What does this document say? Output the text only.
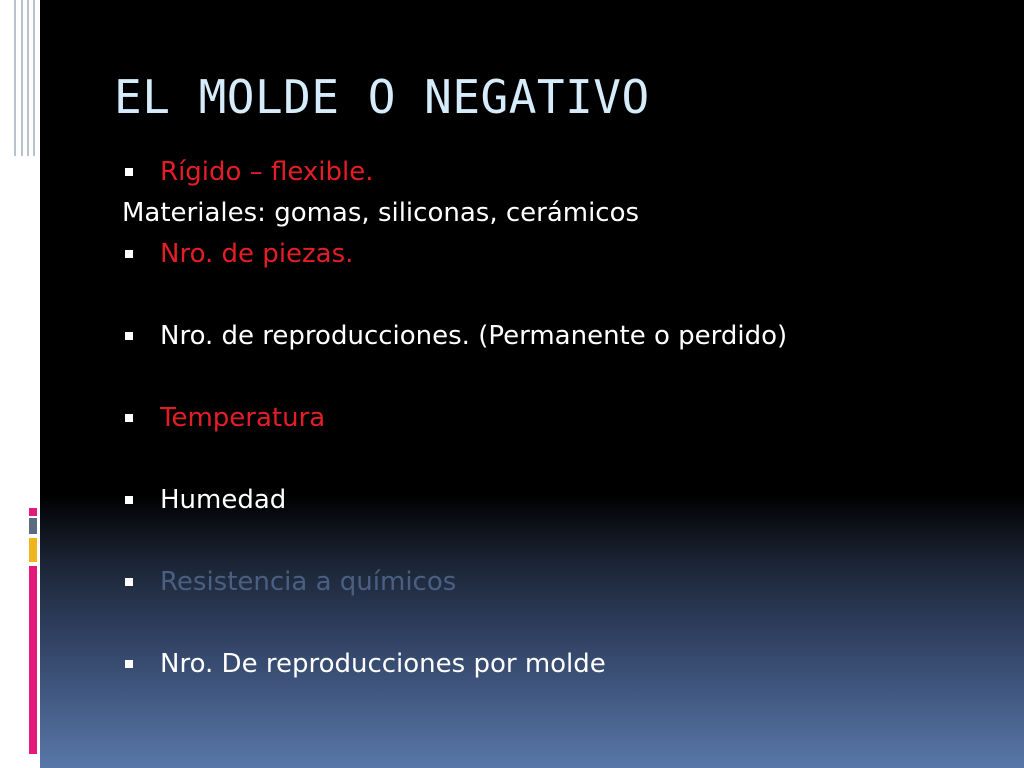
EL MOLDE O NEGATIVO
Rígido – flexible.
Materiales: gomas, siliconas, cerámicos
Nro. de piezas.
Nro. de reproducciones. (Permanente o perdido)
Temperatura
Humedad
Resistencia a químicos
Nro. De reproducciones por molde
